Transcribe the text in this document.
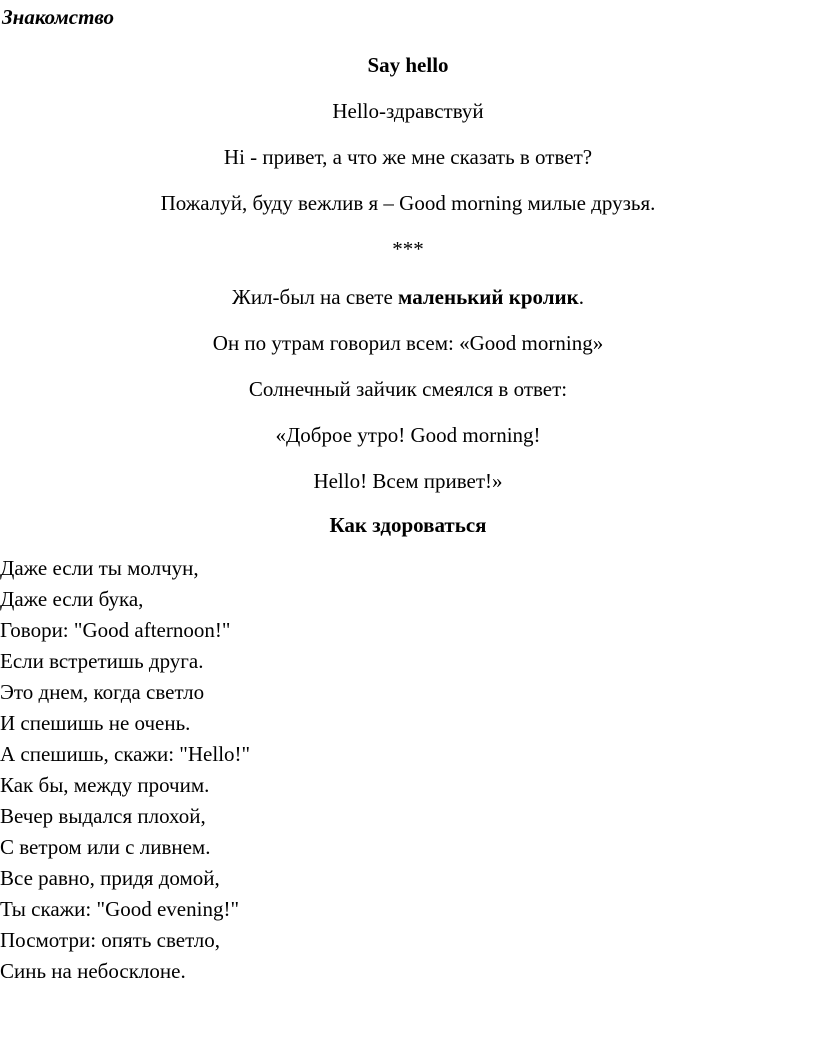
Знакомство

Say hello

Hello-здравствуй

Hi - привет, а что же мне сказать в ответ?

Пожалуй, буду вежлив я – Good morning милые друзья.

***

Жил-был на свете маленький кролик.

Он по утрам говорил всем: «Good morning»

Солнечный зайчик смеялся в ответ:

«Доброе утро! Good morning!

Hello! Всем привет!»

Как здороваться

Даже если ты молчун,
Даже если бука,
Говори: "Good afternoon!"
Если встретишь друга.
Это днем, когда светло
И спешишь не очень.
А спешишь, скажи: "Hello!"
Как бы, между прочим.
Вечер выдался плохой,
С ветром или с ливнем.
Все равно, придя домой,
Ты скажи: "Good evening!"
Посмотри: опять светло,
Синь на небосклоне.
